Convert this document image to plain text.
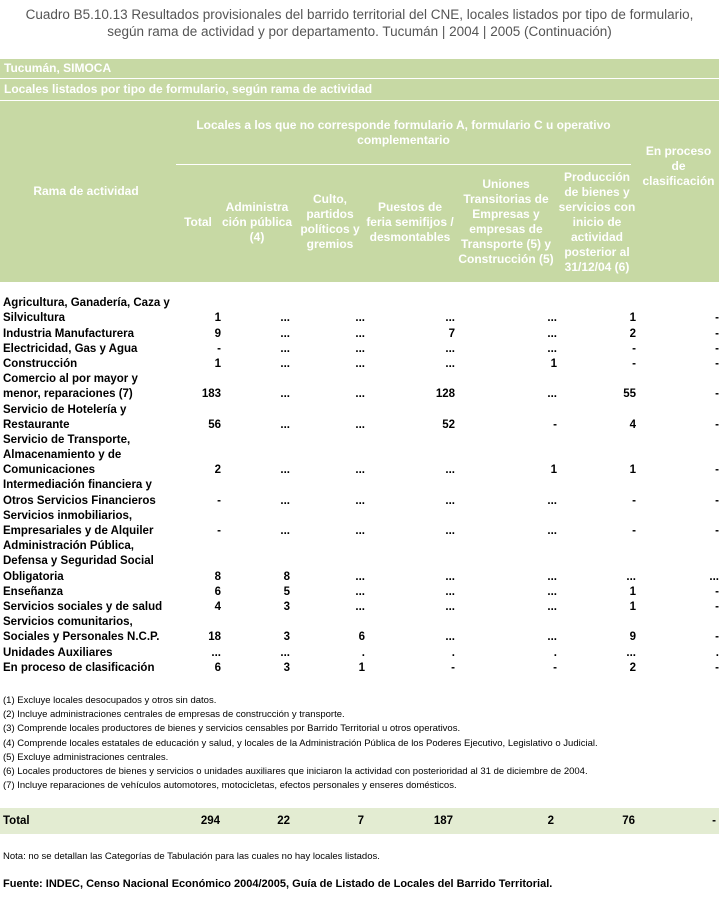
Cuadro B5.10.13 Resultados provisionales del barrido territorial del CNE, locales listados por tipo de formulario,
según rama de actividad y por departamento. Tucumán | 2004 | 2005 (Continuación)
Tucumán, SIMOCA
Locales listados por tipo de formulario, según rama de actividad
Rama de actividad
Locales a los que no corresponde formulario A, formulario C u operativo complementario
Total
Administra ción pública (4)
Culto, partidos políticos y gremios
Puestos de feria semifijos / desmontables
Uniones Transitorias de Empresas y empresas de Transporte (5) y Construcción (5)
Producción de bienes y servicios con inicio de actividad posterior al 31/12/04 (6)
En proceso de clasificación
Agricultura, Ganadería, Caza y							
Silvicultura	1	...	...	...	...	1	-
Industria Manufacturera	9	...	...	7	...	2	-
Electricidad, Gas y Agua	-	...	...	...	...	-	-
Construcción	1	...	...	...	1	-	-
Comercio al por mayor y							
menor, reparaciones (7)	183	...	...	128	...	55	-
Servicio de Hotelería y							
Restaurante	56	...	...	52	-	4	-
Servicio de Transporte,							
Almacenamiento y de							
Comunicaciones	2	...	...	...	1	1	-
Intermediación financiera y							
Otros Servicios Financieros	-	...	...	...	...	-	-
Servicios inmobiliarios,							
Empresariales y de Alquiler	-	...	...	...	...	-	-
Administración Pública,							
Defensa y Seguridad Social							
Obligatoria	8	8	...	...	...	...	...
Enseñanza	6	5	...	...	...	1	-
Servicios sociales y de salud	4	3	...	...	...	1	-
Servicios comunitarios,							
Sociales y Personales N.C.P.	18	3	6	...	...	9	-
Unidades Auxiliares	...	...	.	.	.	...	.
En proceso de clasificación	6	3	1	-	-	2	-
(1) Excluye locales desocupados y otros sin datos.
(2) Incluye administraciones centrales de empresas de construcción y transporte.
(3) Comprende locales productores de bienes y servicios censables por Barrido Territorial u otros operativos.
(4) Comprende locales estatales de educación y salud, y locales de la Administración Pública de los Poderes Ejecutivo, Legislativo o Judicial.
(5) Excluye administraciones centrales.
(6) Locales productores de bienes y servicios o unidades auxiliares que iniciaron la actividad con posterioridad al 31 de diciembre de 2004.
(7) Incluye reparaciones de vehículos automotores, motocicletas, efectos personales y enseres domésticos.
Total	294	22	7	187	2	76	-
Nota: no se detallan las Categorías de Tabulación para las cuales no hay locales listados.
Fuente: INDEC, Censo Nacional Económico 2004/2005, Guía de Listado de Locales del Barrido Territorial.
